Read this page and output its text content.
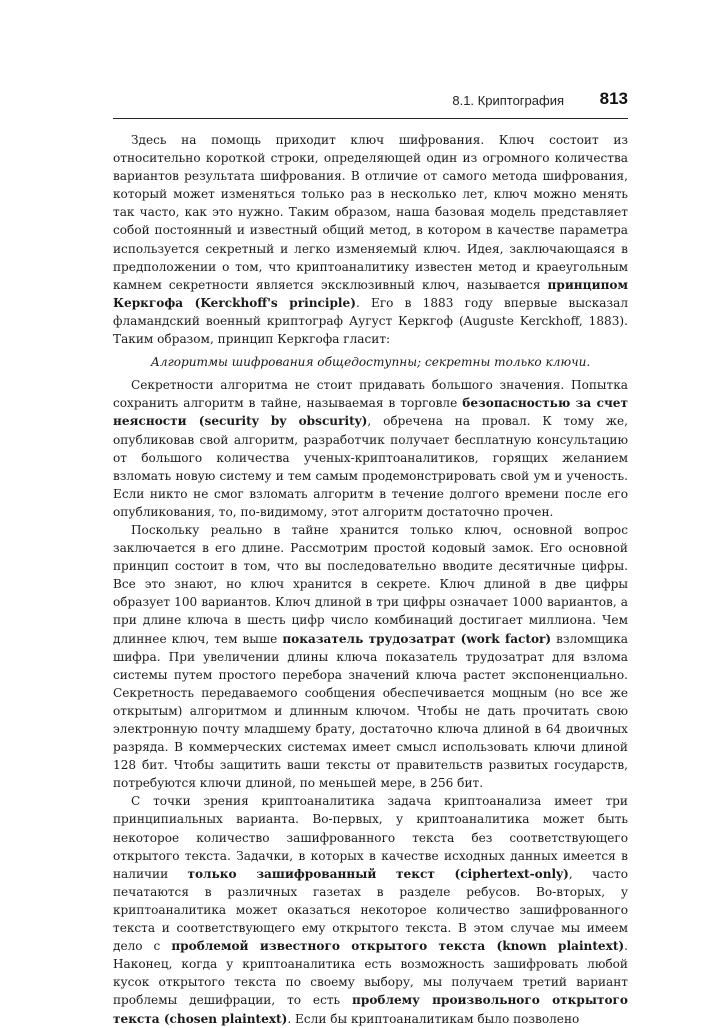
8.1. Криптография 813

Здесь на помощь приходит ключ шифрования. Ключ состоит из относительно короткой строки, определяющей один из огромного количества вариантов результата шифрования. В отличие от самого метода шифрования, который может изменяться только раз в несколько лет, ключ можно менять так часто, как это нужно. Таким образом, наша базовая модель представляет собой постоянный и известный общий метод, в котором в качестве параметра используется секретный и легко изменяемый ключ. Идея, заключающаяся в предположении о том, что криптоаналитику известен метод и краеугольным камнем секретности является эксклюзивный ключ, называется принципом Керкгофа (Kerckhoff's principle). Его в 1883 году впервые высказал фламандский военный криптограф Аугуст Керкгоф (Auguste Kerckhoff, 1883). Таким образом, принцип Керкгофа гласит:

Алгоритмы шифрования общедоступны; секретны только ключи.

Секретности алгоритма не стоит придавать большого значения. Попытка сохранить алгоритм в тайне, называемая в торговле безопасностью за счет неясности (security by obscurity), обречена на провал. К тому же, опубликовав свой алгоритм, разработчик получает бесплатную консультацию от большого количества ученых-криптоаналитиков, горящих желанием взломать новую систему и тем самым продемонстрировать свой ум и ученость. Если никто не смог взломать алгоритм в течение долгого времени после его опубликования, то, по-видимому, этот алгоритм достаточно прочен.

Поскольку реально в тайне хранится только ключ, основной вопрос заключается в его длине. Рассмотрим простой кодовый замок. Его основной принцип состоит в том, что вы последовательно вводите десятичные цифры. Все это знают, но ключ хранится в секрете. Ключ длиной в две цифры образует 100 вариантов. Ключ длиной в три цифры означает 1000 вариантов, а при длине ключа в шесть цифр число комбинаций достигает миллиона. Чем длиннее ключ, тем выше показатель трудозатрат (work factor) взломщика шифра. При увеличении длины ключа показатель трудозатрат для взлома системы путем простого перебора значений ключа растет экспоненциально. Секретность передаваемого сообщения обеспечивается мощным (но все же открытым) алгоритмом и длинным ключом. Чтобы не дать прочитать свою электронную почту младшему брату, достаточно ключа длиной в 64 двоичных разряда. В коммерческих системах имеет смысл использовать ключи длиной 128 бит. Чтобы защитить ваши тексты от правительств развитых государств, потребуются ключи длиной, по меньшей мере, в 256 бит.

С точки зрения криптоаналитика задача криптоанализа имеет три принципиальных варианта. Во-первых, у криптоаналитика может быть некоторое количество зашифрованного текста без соответствующего открытого текста. Задачки, в которых в качестве исходных данных имеется в наличии только зашифрованный текст (ciphertext-only), часто печатаются в различных газетах в разделе ребусов. Во-вторых, у криптоаналитика может оказаться некоторое количество зашифрованного текста и соответствующего ему открытого текста. В этом случае мы имеем дело с проблемой известного открытого текста (known plaintext). Наконец, когда у криптоаналитика есть возможность зашифровать любой кусок открытого текста по своему выбору, мы получаем третий вариант проблемы дешифрации, то есть проблему произвольного открытого текста (chosen plaintext). Если бы криптоаналитикам было позволено
